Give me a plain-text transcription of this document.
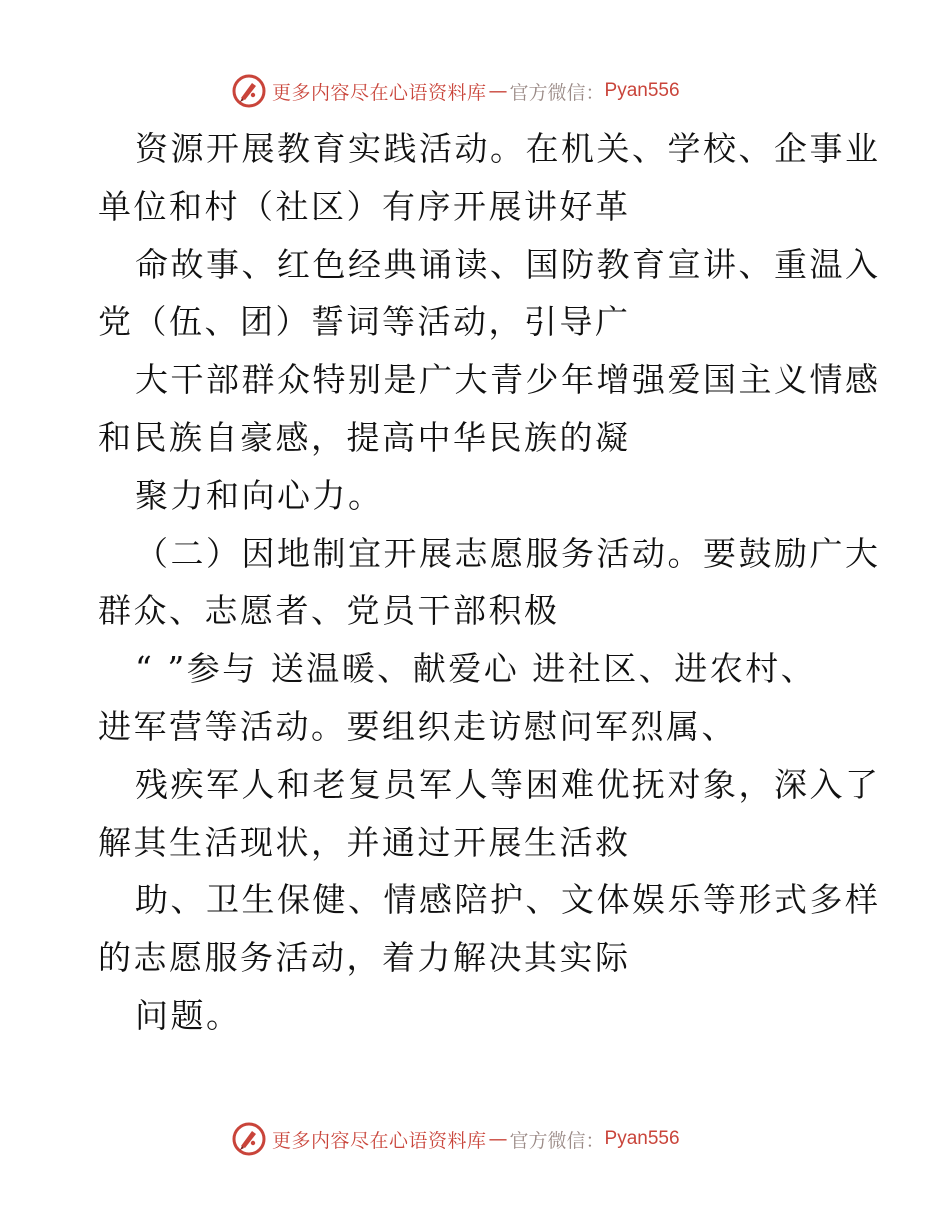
更多内容尽在心语资料库 — 官方微信： Pyan556
资源开展教育实践活动。在机关、学校、企事业
单位和村（社区）有序开展讲好革
命故事、红色经典诵读、国防教育宣讲、重温入
党（伍、团）誓词等活动，引导广
大干部群众特别是广大青少年增强爱国主义情感
和民族自豪感，提高中华民族的凝
聚力和向心力。
（二）因地制宜开展志愿服务活动。要鼓励广大
群众、志愿者、党员干部积极
“ ”参与 送温暖、献爱心 进社区、进农村、
进军营等活动。要组织走访慰问军烈属、
残疾军人和老复员军人等困难优抚对象，深入了
解其生活现状，并通过开展生活救
助、卫生保健、情感陪护、文体娱乐等形式多样
的志愿服务活动，着力解决其实际
问题。
更多内容尽在心语资料库 — 官方微信： Pyan556
